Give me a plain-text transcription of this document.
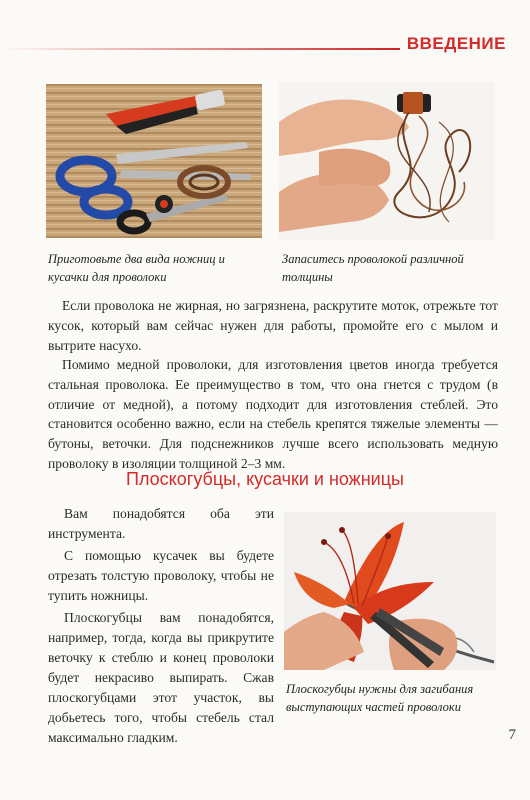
ВВЕДЕНИЕ
Приготовьте два вида ножниц и кусачки для проволоки
Запаситесь проволокой различной толщины

Если проволока не жирная, но загрязнена, раскрутите моток, отрежьте тот кусок, который вам сейчас нужен для работы, промойте его с мылом и вытрите насухо.

Помимо медной проволоки, для изготовления цветов иногда требуется стальная проволока. Ее преимущество в том, что она гнется с трудом (в отличие от медной), а потому подходит для изготовления стеблей. Это становится особенно важно, если на стебель крепятся тяжелые элементы — бутоны, веточки. Для подснежников лучше всего использовать медную проволоку в изоляции толщиной 2–3 мм.

Плоскогубцы, кусачки и ножницы

Вам понадобятся оба эти инструмента.

С помощью кусачек вы будете отрезать толстую проволоку, чтобы не тупить ножницы.

Плоскогубцы вам понадобятся, например, тогда, когда вы прикрутите веточку к стеблю и конец проволоки будет некрасиво выпирать. Сжав плоскогубцами этот участок, вы добьетесь того, чтобы стебель стал максимально гладким.

Плоскогубцы нужны для загибания выступающих частей проволоки
7
